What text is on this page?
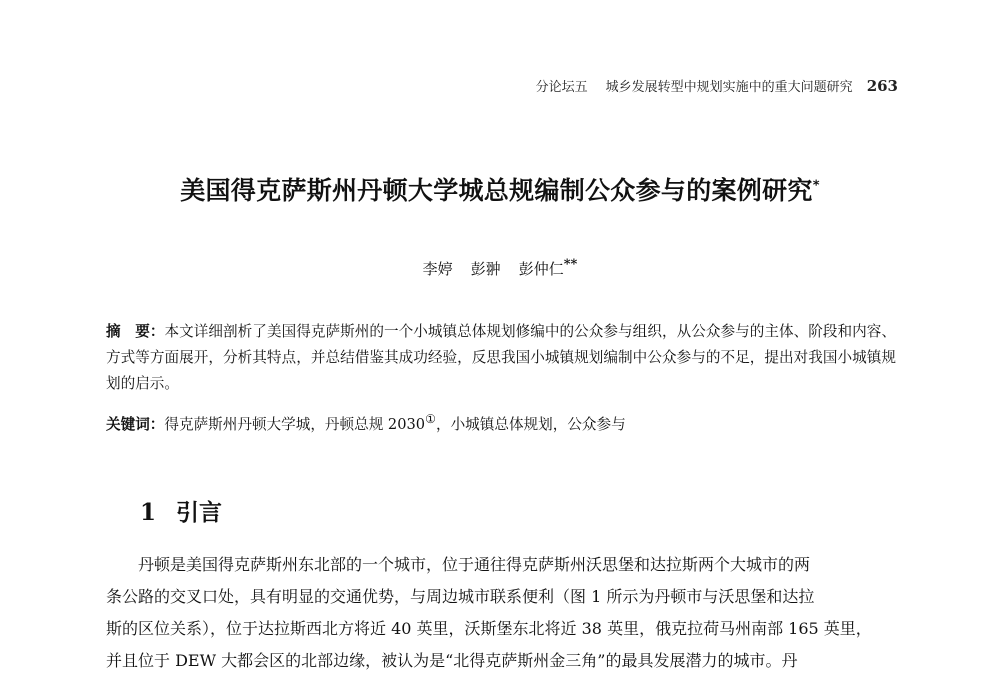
分论坛五 城乡发展转型中规划实施中的重大问题研究 263
美国得克萨斯州丹顿大学城总规编制公众参与的案例研究*
李婷 彭翀 彭仲仁**
摘　要：本文详细剖析了美国得克萨斯州的一个小城镇总体规划修编中的公众参与组织，从公众参与的主体、阶段和内容、方式等方面展开，分析其特点，并总结借鉴其成功经验，反思我国小城镇规划编制中公众参与的不足，提出对我国小城镇规划的启示。
关键词：得克萨斯州丹顿大学城，丹顿总规 2030①，小城镇总体规划，公众参与
1 引言
丹顿是美国得克萨斯州东北部的一个城市，位于通往得克萨斯州沃思堡和达拉斯两个大城市的两
条公路的交叉口处，具有明显的交通优势，与周边城市联系便利（图 1 所示为丹顿市与沃思堡和达拉
斯的区位关系），位于达拉斯西北方将近 40 英里，沃斯堡东北将近 38 英里，俄克拉荷马州南部 165 英里，
并且位于 DEW 大都会区的北部边缘，被认为是“北得克萨斯州金三角”的最具发展潜力的城市。丹
